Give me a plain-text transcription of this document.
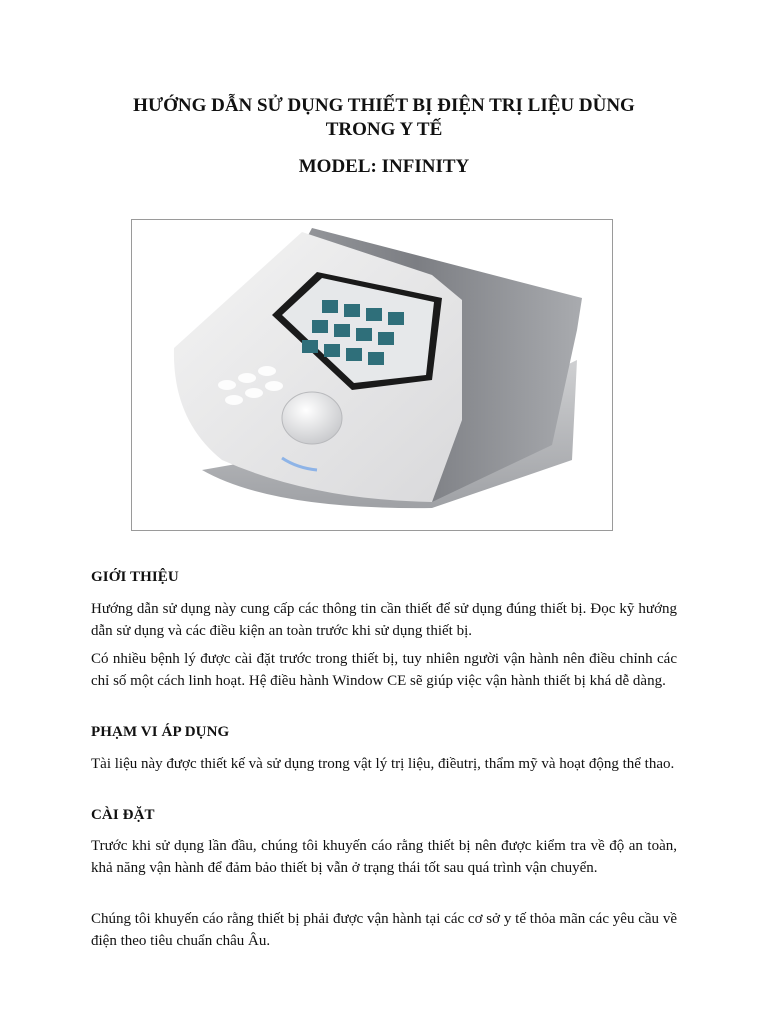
HƯỚNG DẪN SỬ DỤNG THIẾT BỊ ĐIỆN TRỊ LIỆU DÙNG

TRONG Y TẾ

MODEL: INFINITY

GIỚI THIỆU

Hướng dẫn sử dụng này cung cấp các thông tin cần thiết để sử dụng đúng thiết bị. Đọc kỹ hướng dẫn sử dụng và các điều kiện an toàn trước khi sử dụng thiết bị.

Có nhiều bệnh lý được cài đặt trước trong thiết bị, tuy nhiên người vận hành nên điều chỉnh các chỉ số một cách linh hoạt. Hệ điều hành Window CE sẽ giúp việc vận hành thiết bị khá dễ dàng.

PHẠM VI ÁP DỤNG

Tài liệu này được thiết kế và sử dụng trong vật lý trị liệu, điềutrị, thẩm mỹ và hoạt động thể thao.

CÀI ĐẶT

Trước khi sử dụng lần đầu, chúng tôi khuyến cáo rằng thiết bị nên được kiểm tra về độ an toàn, khả năng vận hành để đảm bảo thiết bị vẫn ở trạng thái tốt sau quá trình vận chuyển.

Chúng tôi khuyến cáo rằng thiết bị phải được vận hành tại các cơ sở y tế thỏa mãn các yêu cầu về điện theo tiêu chuẩn châu Âu.
